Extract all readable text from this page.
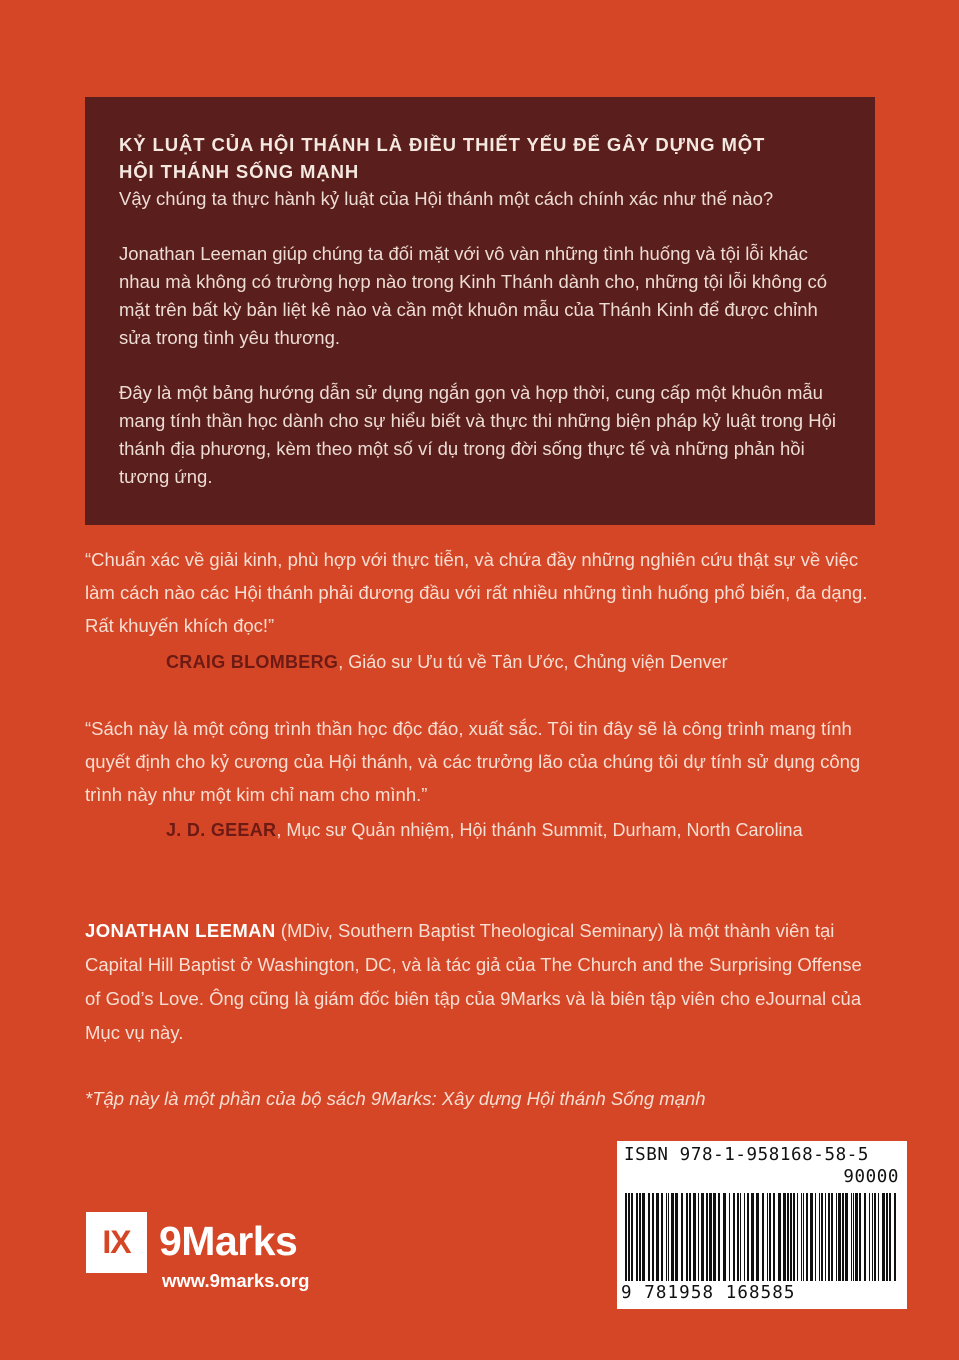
KỶ LUẬT CỦA HỘI THÁNH LÀ ĐIỀU THIẾT YẾU ĐỂ GÂY DỰNG MỘT
HỘI THÁNH SỐNG MẠNH

Vậy chúng ta thực hành kỷ luật của Hội thánh một cách chính xác như thế nào?

Jonathan Leeman giúp chúng ta đối mặt với vô vàn những tình huống và tội lỗi khác nhau mà không có trường hợp nào trong Kinh Thánh dành cho, những tội lỗi không có mặt trên bất kỳ bản liệt kê nào và cần một khuôn mẫu của Thánh Kinh để được chỉnh sửa trong tình yêu thương.

Đây là một bảng hướng dẫn sử dụng ngắn gọn và hợp thời, cung cấp một khuôn mẫu mang tính thần học dành cho sự hiểu biết và thực thi những biện pháp kỷ luật trong Hội thánh địa phương, kèm theo một số ví dụ trong đời sống thực tế và những phản hồi tương ứng.

“Chuẩn xác về giải kinh, phù hợp với thực tiễn, và chứa đầy những nghiên cứu thật sự về việc làm cách nào các Hội thánh phải đương đầu với rất nhiều những tình huống phổ biến, đa dạng. Rất khuyến khích đọc!”

CRAIG BLOMBERG, Giáo sư Ưu tú về Tân Ước, Chủng viện Denver

“Sách này là một công trình thần học độc đáo, xuất sắc. Tôi tin đây sẽ là công trình mang tính quyết định cho kỷ cương của Hội thánh, và các trưởng lão của chúng tôi dự tính sử dụng công trình này như một kim chỉ nam cho mình.”

J. D. GEEAR, Mục sư Quản nhiệm, Hội thánh Summit, Durham, North Carolina

JONATHAN LEEMAN (MDiv, Southern Baptist Theological Seminary) là một thành viên tại Capital Hill Baptist ở Washington, DC, và là tác giả của The Church and the Surprising Offense of God’s Love. Ông cũng là giám đốc biên tập của 9Marks và là biên tập viên cho eJournal của Mục vụ này.

*Tập này là một phần của bộ sách 9Marks: Xây dựng Hội thánh Sống mạnh

IX 9Marks

www.9marks.org

ISBN 978-1-958168-58-5

90000

9 781958 168585
